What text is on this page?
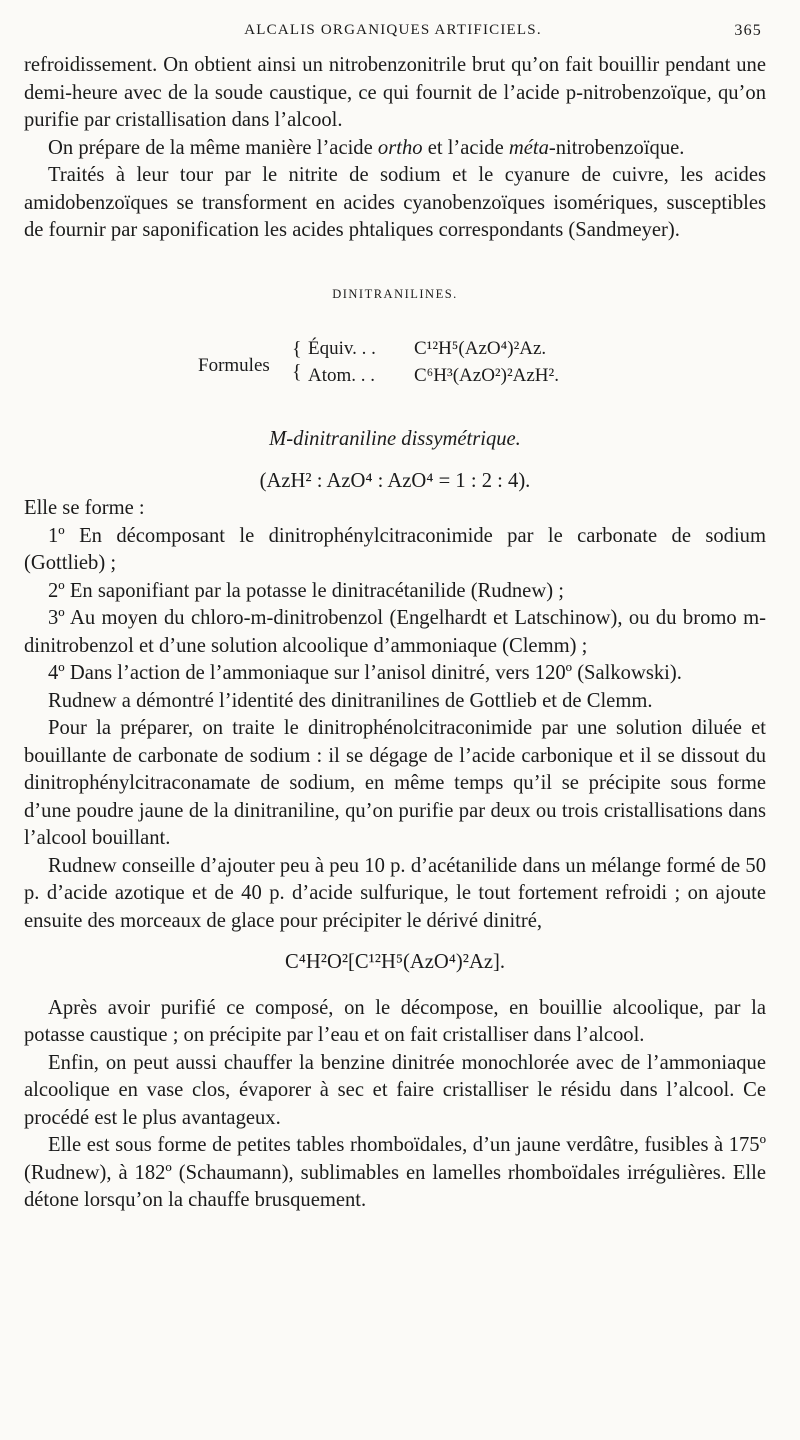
ALCALIS ORGANIQUES ARTIFICIELS.	365

refroidissement. On obtient ainsi un nitrobenzonitrile brut qu’on fait bouillir pendant une demi-heure avec de la soude caustique, ce qui fournit de l’acide p-nitrobenzoïque, qu’on purifie par cristallisation dans l’alcool.

On prépare de la même manière l’acide ortho et l’acide méta-nitrobenzoïque.

Traités à leur tour par le nitrite de sodium et le cyanure de cuivre, les acides amidobenzoïques se transforment en acides cyanobenzoïques isomériques, susceptibles de fournir par saponification les acides phtaliques correspondants (Sandmeyer).

DINITRANILINES.
Formules
{
{
Équiv. . . C¹²H⁵(AzO⁴)²Az.
Atom. . . C⁶H³(AzO²)²AzH².
M-dinitraniline dissymétrique.
(AzH² : AzO⁴ : AzO⁴ = 1 : 2 : 4).

Elle se forme :

1º En décomposant le dinitrophénylcitraconimide par le carbonate de sodium (Gottlieb) ;

2º En saponifiant par la potasse le dinitracétanilide (Rudnew) ;

3º Au moyen du chloro-m-dinitrobenzol (Engelhardt et Latschinow), ou du bromo m-dinitrobenzol et d’une solution alcoolique d’ammoniaque (Clemm) ;

4º Dans l’action de l’ammoniaque sur l’anisol dinitré, vers 120º (Salkowski).

Rudnew a démontré l’identité des dinitranilines de Gottlieb et de Clemm.

Pour la préparer, on traite le dinitrophénolcitraconimide par une solution diluée et bouillante de carbonate de sodium : il se dégage de l’acide carbonique et il se dissout du dinitrophénylcitraconamate de sodium, en même temps qu’il se précipite sous forme d’une poudre jaune de la dinitraniline, qu’on purifie par deux ou trois cristallisations dans l’alcool bouillant.

Rudnew conseille d’ajouter peu à peu 10 p. d’acétanilide dans un mélange formé de 50 p. d’acide azotique et de 40 p. d’acide sulfurique, le tout fortement refroidi ; on ajoute ensuite des morceaux de glace pour précipiter le dérivé dinitré,

C⁴H²O²[C¹²H⁵(AzO⁴)²Az].

Après avoir purifié ce composé, on le décompose, en bouillie alcoolique, par la potasse caustique ; on précipite par l’eau et on fait cristalliser dans l’alcool.

Enfin, on peut aussi chauffer la benzine dinitrée monochlorée avec de l’ammoniaque alcoolique en vase clos, évaporer à sec et faire cristalliser le résidu dans l’alcool. Ce procédé est le plus avantageux.

Elle est sous forme de petites tables rhomboïdales, d’un jaune verdâtre, fusibles à 175º (Rudnew), à 182º (Schaumann), sublimables en lamelles rhomboïdales irrégulières. Elle détone lorsqu’on la chauffe brusquement.
